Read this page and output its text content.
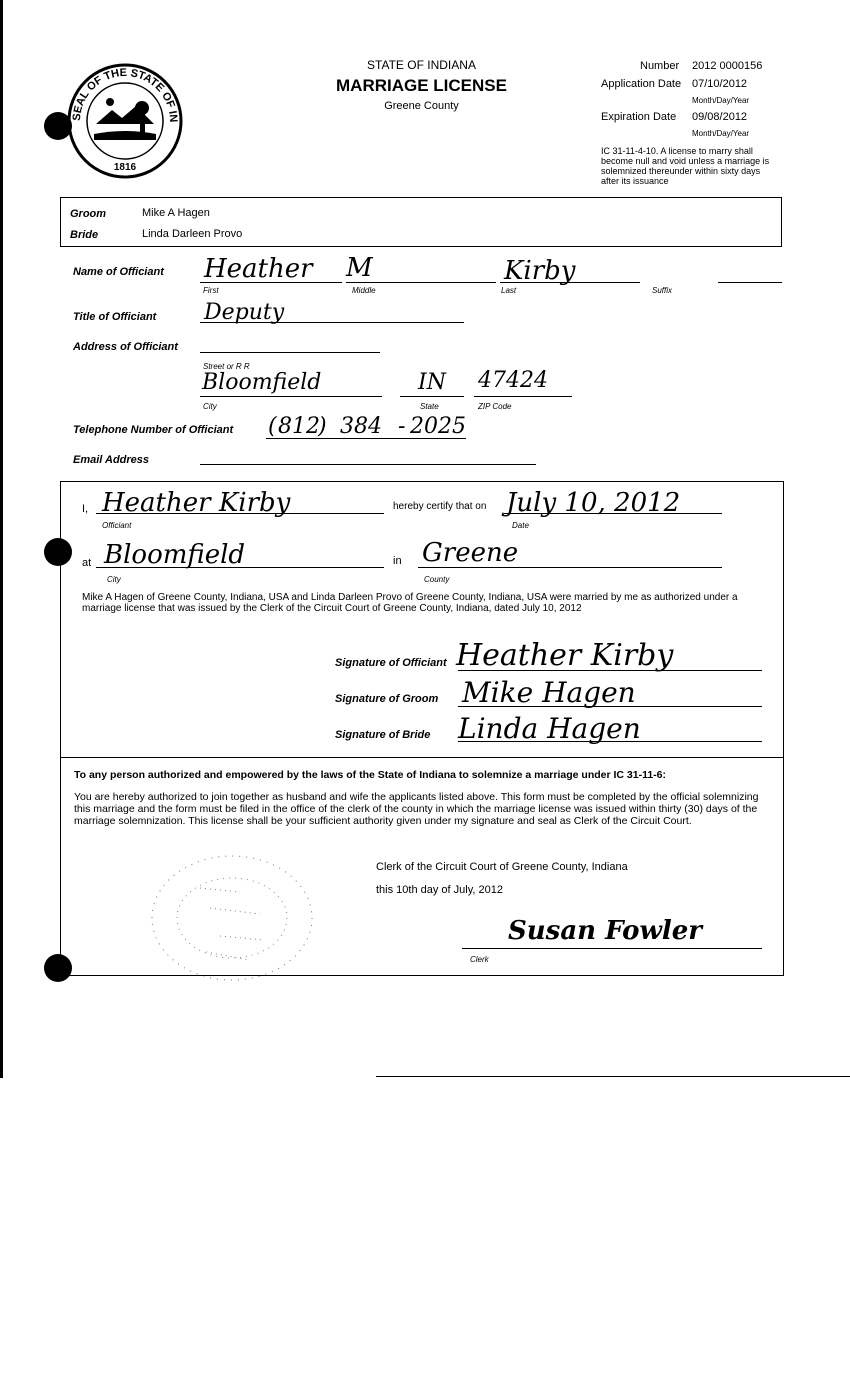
SEAL OF THE STATE OF IN
1816
STATE OF INDIANA
MARRIAGE LICENSE
Greene County
Number 2012 0000156
Application Date 07/10/2012
Month/Day/Year
Expiration Date 09/08/2012
Month/Day/Year
IC 31-11-4-10. A license to marry shall become null and void unless a marriage is solemnized thereunder within sixty days after its issuance
Groom	Mike A Hagen
Bride	Linda Darleen Provo
Name of Officiant Heather M	Kirby
First	Middle	Last	Suffix
Title of Officiant Deputy
Address of Officiant
Street or R R
Bloomfield	IN 47424
City	State	ZIP Code
Telephone Number of Officiant ( 812
) 384 - 2025
Email Address
I, Heather Kirby
Officiant
hereby certify that on July 10, 2012
Date
at Bloomfield
City
in Greene
County
Mike A Hagen of Greene County, Indiana, USA and Linda Darleen Provo of Greene County, Indiana, USA were married by me as authorized under a marriage license that was issued by the Clerk of the Circuit Court of Greene County, Indiana, dated July 10, 2012
Signature of Officiant Heather Kirby
Signature of Groom Mike Hagen
Signature of Bride Linda Hagen
To any person authorized and empowered by the laws of the State of Indiana to solemnize a marriage under IC 31-11-6:
You are hereby authorized to join together as husband and wife the applicants listed above. This form must be completed by the official solemnizing this marriage and the form must be filed in the office of the clerk of the county in which the marriage license was issued within thirty (30) days of the marriage solemnization. This license shall be your sufficient authority given under my signature and seal as Clerk of the Circuit Court.
Clerk of the Circuit Court of Greene County, Indiana
this 10th day of July, 2012
Susan Fowler
Clerk
